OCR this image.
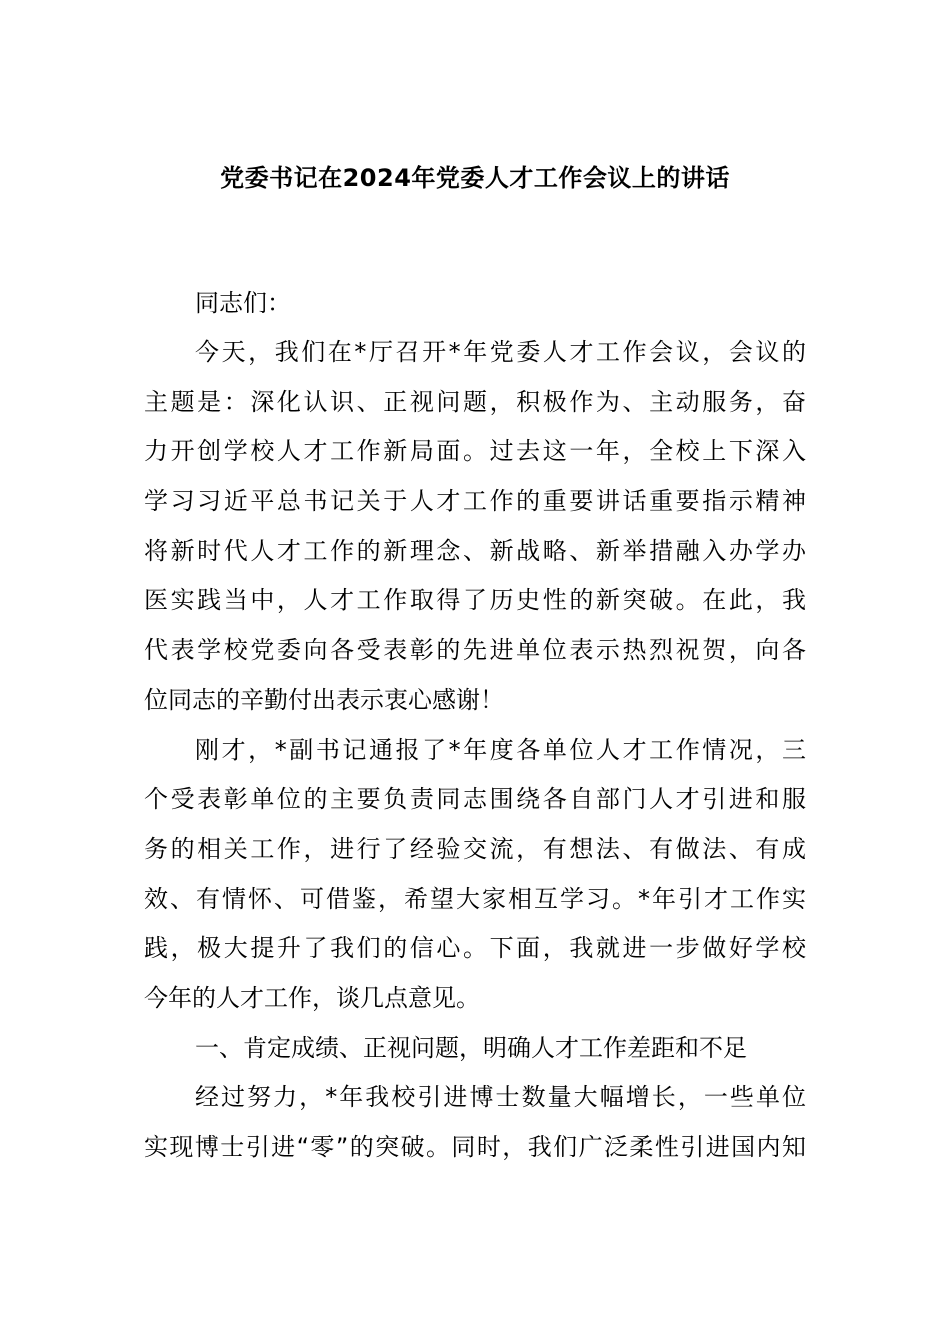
党委书记在2024年党委人才工作会议上的讲话
同志们：
今天，我们在*厅召开*年党委人才工作会议，会议的
主题是：深化认识、正视问题，积极作为、主动服务，奋
力开创学校人才工作新局面。过去这一年，全校上下深入
学习习近平总书记关于人才工作的重要讲话重要指示精神
将新时代人才工作的新理念、新战略、新举措融入办学办
医实践当中，人才工作取得了历史性的新突破。在此，我
代表学校党委向各受表彰的先进单位表示热烈祝贺，向各
位同志的辛勤付出表示衷心感谢！
刚才，*副书记通报了*年度各单位人才工作情况，三
个受表彰单位的主要负责同志围绕各自部门人才引进和服
务的相关工作，进行了经验交流，有想法、有做法、有成
效、有情怀、可借鉴，希望大家相互学习。*年引才工作实
践，极大提升了我们的信心。下面，我就进一步做好学校
今年的人才工作，谈几点意见。
一、肯定成绩、正视问题，明确人才工作差距和不足
经过努力，*年我校引进博士数量大幅增长，一些单位
实现博士引进“零”的突破。同时，我们广泛柔性引进国内知
